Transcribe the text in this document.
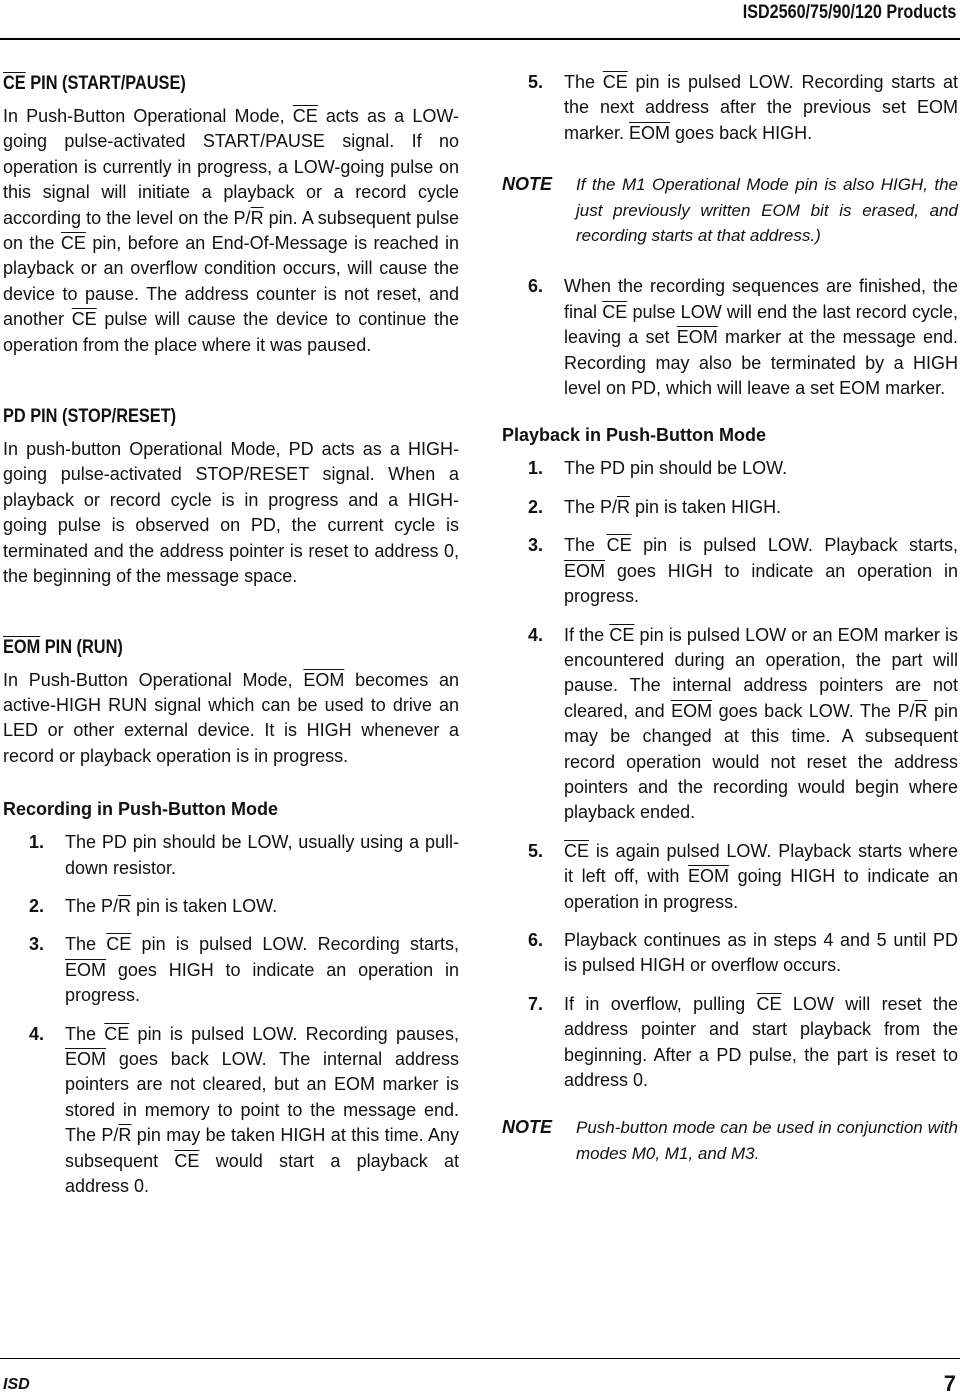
ISD2560/75/90/120 Products
$\overline{CE}$ PIN (START/PAUSE)

In Push-Button Operational Mode, $\overline{CE}$ acts as a LOW-going pulse-activated START/PAUSE signal. If no operation is currently in progress, a LOW-going pulse on this signal will initiate a playback or a record cycle according to the level on the $P/\overline{R}$ pin. A subsequent pulse on the $\overline{CE}$ pin, before an End-Of-Message is reached in playback or an overflow condition occurs, will cause the device to pause. The address counter is not reset, and another $\overline{CE}$ pulse will cause the device to continue the operation from the place where it was paused.

PD PIN (STOP/RESET)

In push-button Operational Mode, PD acts as a HIGH-going pulse-activated STOP/RESET signal. When a playback or record cycle is in progress and a HIGH-going pulse is observed on PD, the current cycle is terminated and the address pointer is reset to address 0, the beginning of the message space.

$\overline{EOM}$ PIN (RUN)

In Push-Button Operational Mode, $\overline{EOM}$ becomes an active-HIGH RUN signal which can be used to drive an LED or other external device. It is HIGH whenever a record or playback operation is in progress.

Recording in Push-Button Mode
1.	The PD pin should be LOW, usually using a pull-down resistor.
2.	The $P/\overline{R}$ pin is taken LOW.
3.	The $\overline{CE}$ pin is pulsed LOW. Recording starts, $\overline{EOM}$ goes HIGH to indicate an operation in progress.
4.	The $\overline{CE}$ pin is pulsed LOW. Recording pauses, $\overline{EOM}$ goes back LOW. The internal address pointers are not cleared, but an EOM marker is stored in memory to point to the message end. The $P/\overline{R}$ pin may be taken HIGH at this time. Any subsequent $\overline{CE}$ would start a playback at address 0.
5.	The $\overline{CE}$ pin is pulsed LOW. Recording starts at the next address after the previous set EOM marker. $\overline{EOM}$ goes back HIGH.
NOTE	If the M1 Operational Mode pin is also HIGH, the just previously written EOM bit is erased, and recording starts at that address.)
6.	When the recording sequences are finished, the final $\overline{CE}$ pulse LOW will end the last record cycle, leaving a set $\overline{EOM}$ marker at the message end. Recording may also be terminated by a HIGH level on PD, which will leave a set EOM marker.
Playback in Push-Button Mode
1.	The PD pin should be LOW.
2.	The $P/\overline{R}$ pin is taken HIGH.
3.	The $\overline{CE}$ pin is pulsed LOW. Playback starts, $\overline{EOM}$ goes HIGH to indicate an operation in progress.
4.	If the $\overline{CE}$ pin is pulsed LOW or an EOM marker is encountered during an operation, the part will pause. The internal address pointers are not cleared, and $\overline{EOM}$ goes back LOW. The $P/\overline{R}$ pin may be changed at this time. A subsequent record operation would not reset the address pointers and the recording would begin where playback ended.
5.	$\overline{CE}$ is again pulsed LOW. Playback starts where it left off, with $\overline{EOM}$ going HIGH to indicate an operation in progress.
6.	Playback continues as in steps 4 and 5 until PD is pulsed HIGH or overflow occurs.
7.	If in overflow, pulling $\overline{CE}$ LOW will reset the address pointer and start playback from the beginning. After a PD pulse, the part is reset to address 0.
NOTE	Push-button mode can be used in conjunction with modes M0, M1, and M3.
ISD	7
